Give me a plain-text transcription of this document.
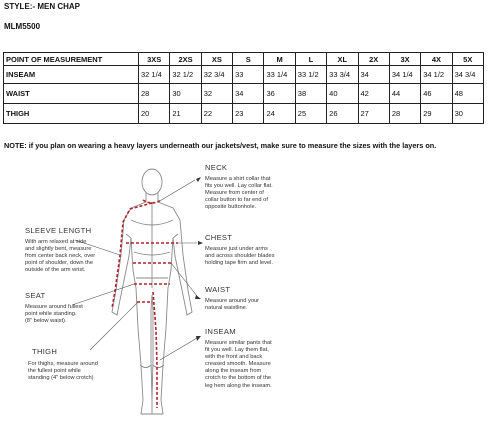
STYLE:- MEN CHAP
MLM5500
POINT OF MEASUREMENT	3XS	2XS	XS	S	M	L	XL	2X	3X	4X	5X
INSEAM	32 1/4	32 1/2	32 3/4	33	33 1/4	33 1/2	33 3/4	34	34 1/4	34 1/2	34 3/4
WAIST	28	30	32	34	36	38	40	42	44	46	48
THIGH	20	21	22	23	24	25	26	27	28	29	30
NOTE: if you plan on wearing a heavy layers underneath our jackets/vest, make sure to measure the sizes with the layers on.
NECK
Measure a shirt collar that
fits you well. Lay collar flat.
Measure from center of
collar button to far end of
opposite buttonhole.
CHEST
Measure just under arms
and across shoulder blades
holding tape firm and level.
WAIST
Measure around your
natural waistline.
INSEAM
Measure similar pants that
fit you well. Lay them flat,
with the front and back
creased smooth. Measure
along the inseam from
crotch to the bottom of the
leg hem along the inseam.
SLEEVE LENGTH
With arm relaxed at side
and slightly bent, measure
from center back neck, over
point of shoulder, down the
outside of the arm wrist.
SEAT
Measure around fullest
point while standing.
(8" below waist).
THIGH
For thighs, measure around
the fullest point while
standing (4" below crotch)
